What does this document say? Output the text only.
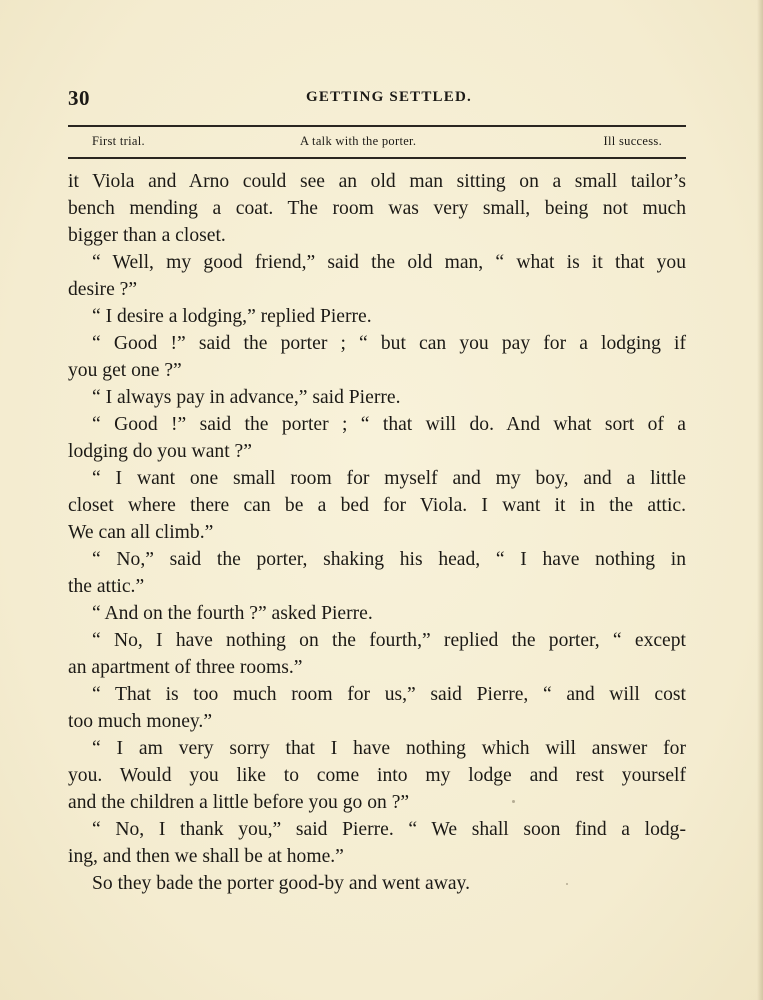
30	GETTING SETTLED.
First trial.	A talk with the porter.	Ill success.
it Viola and Arno could see an old man sitting on a small tailor’s
bench mending a coat. The room was very small, being not much
bigger than a closet.
“ Well, my good friend,” said the old man, “ what is it that you
desire ?”
“ I desire a lodging,” replied Pierre.
“ Good !” said the porter ; “ but can you pay for a lodging if
you get one ?”
“ I always pay in advance,” said Pierre.
“ Good !” said the porter ; “ that will do. And what sort of a
lodging do you want ?”
“ I want one small room for myself and my boy, and a little
closet where there can be a bed for Viola. I want it in the attic.
We can all climb.”
“ No,” said the porter, shaking his head, “ I have nothing in
the attic.”
“ And on the fourth ?” asked Pierre.
“ No, I have nothing on the fourth,” replied the porter, “ except
an apartment of three rooms.”
“ That is too much room for us,” said Pierre, “ and will cost
too much money.”
“ I am very sorry that I have nothing which will answer for
you. Would you like to come into my lodge and rest yourself
and the children a little before you go on ?”
“ No, I thank you,” said Pierre. “ We shall soon find a lodg-
ing, and then we shall be at home.”
So they bade the porter good-by and went away.
